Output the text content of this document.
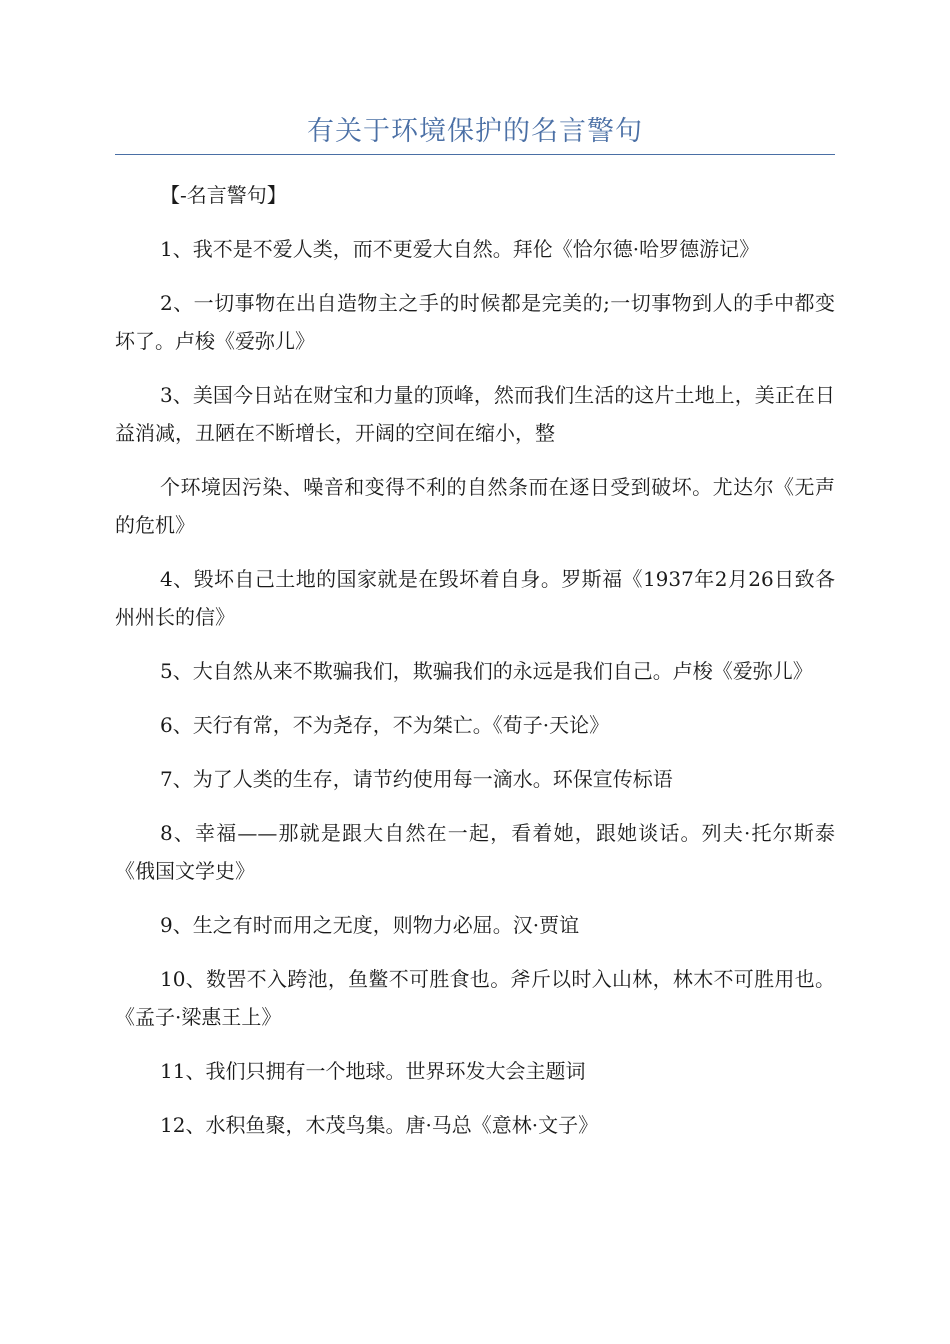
有关于环境保护的名言警句

【-名言警句】

1、我不是不爱人类，而不更爱大自然。拜伦《恰尔德·哈罗德游记》

2、一切事物在出自造物主之手的时候都是完美的;一切事物到人的手中都变坏了。卢梭《爱弥儿》

3、美国今日站在财宝和力量的顶峰，然而我们生活的这片土地上，美正在日益消减，丑陋在不断增长，开阔的空间在缩小，整

个环境因污染、噪音和变得不利的自然条而在逐日受到破坏。尤达尔《无声的危机》

4、毁坏自己土地的国家就是在毁坏着自身。罗斯福《1937年2月26日致各州州长的信》

5、大自然从来不欺骗我们，欺骗我们的永远是我们自己。卢梭《爱弥儿》

6、天行有常，不为尧存，不为桀亡。《荀子·天论》

7、为了人类的生存，请节约使用每一滴水。环保宣传标语

8、幸福——那就是跟大自然在一起，看着她，跟她谈话。列夫·托尔斯泰《俄国文学史》

9、生之有时而用之无度，则物力必屈。汉·贾谊

10、数罟不入跨池，鱼鳖不可胜食也。斧斤以时入山林，林木不可胜用也。《孟子·梁惠王上》

11、我们只拥有一个地球。世界环发大会主题词

12、水积鱼聚，木茂鸟集。唐·马总《意林·文子》
